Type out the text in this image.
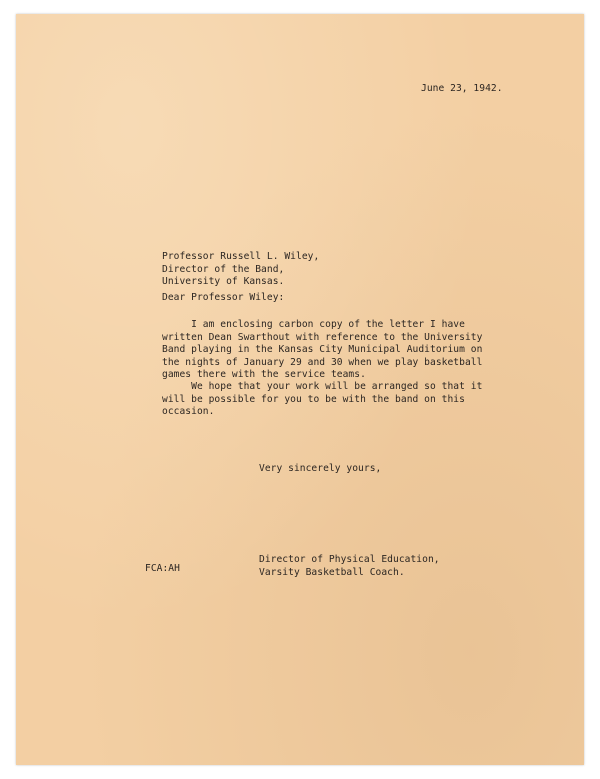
June 23, 1942.
Professor Russell L. Wiley,
Director of the Band,
University of Kansas.
Dear Professor Wiley:
I am enclosing carbon copy of the letter I have
written Dean Swarthout with reference to the University
Band playing in the Kansas City Municipal Auditorium on
the nights of January 29 and 30 when we play basketball
games there with the service teams.
We hope that your work will be arranged so that it
will be possible for you to be with the band on this
occasion.
Very sincerely yours,
Director of Physical Education,
Varsity Basketball Coach.
FCA:AH
